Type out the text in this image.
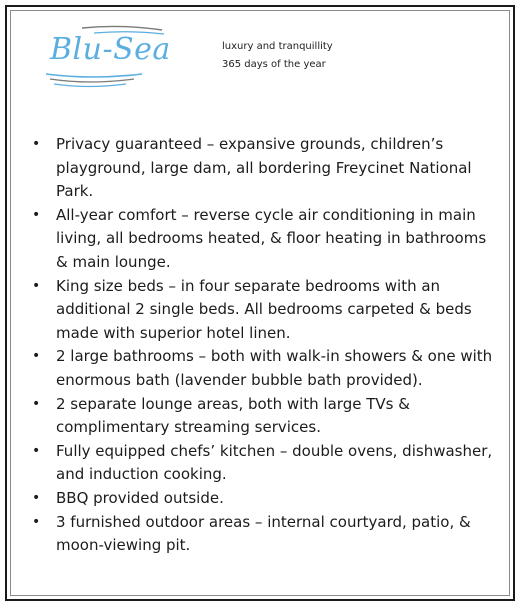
Blu-Sea	luxury and tranquillity
365 days of the year
• Privacy guaranteed – expansive grounds, children’s playground, large dam, all bordering Freycinet National Park.
• All-year comfort – reverse cycle air conditioning in main living, all bedrooms heated, & floor heating in bathrooms & main lounge.
• King size beds – in four separate bedrooms with an additional 2 single beds. All bedrooms carpeted & beds made with superior hotel linen.
• 2 large bathrooms – both with walk-in showers & one with enormous bath (lavender bubble bath provided).
• 2 separate lounge areas, both with large TVs & complimentary streaming services.
• Fully equipped chefs’ kitchen – double ovens, dishwasher, and induction cooking.
• BBQ provided outside.
• 3 furnished outdoor areas – internal courtyard, patio, & moon-viewing pit.
